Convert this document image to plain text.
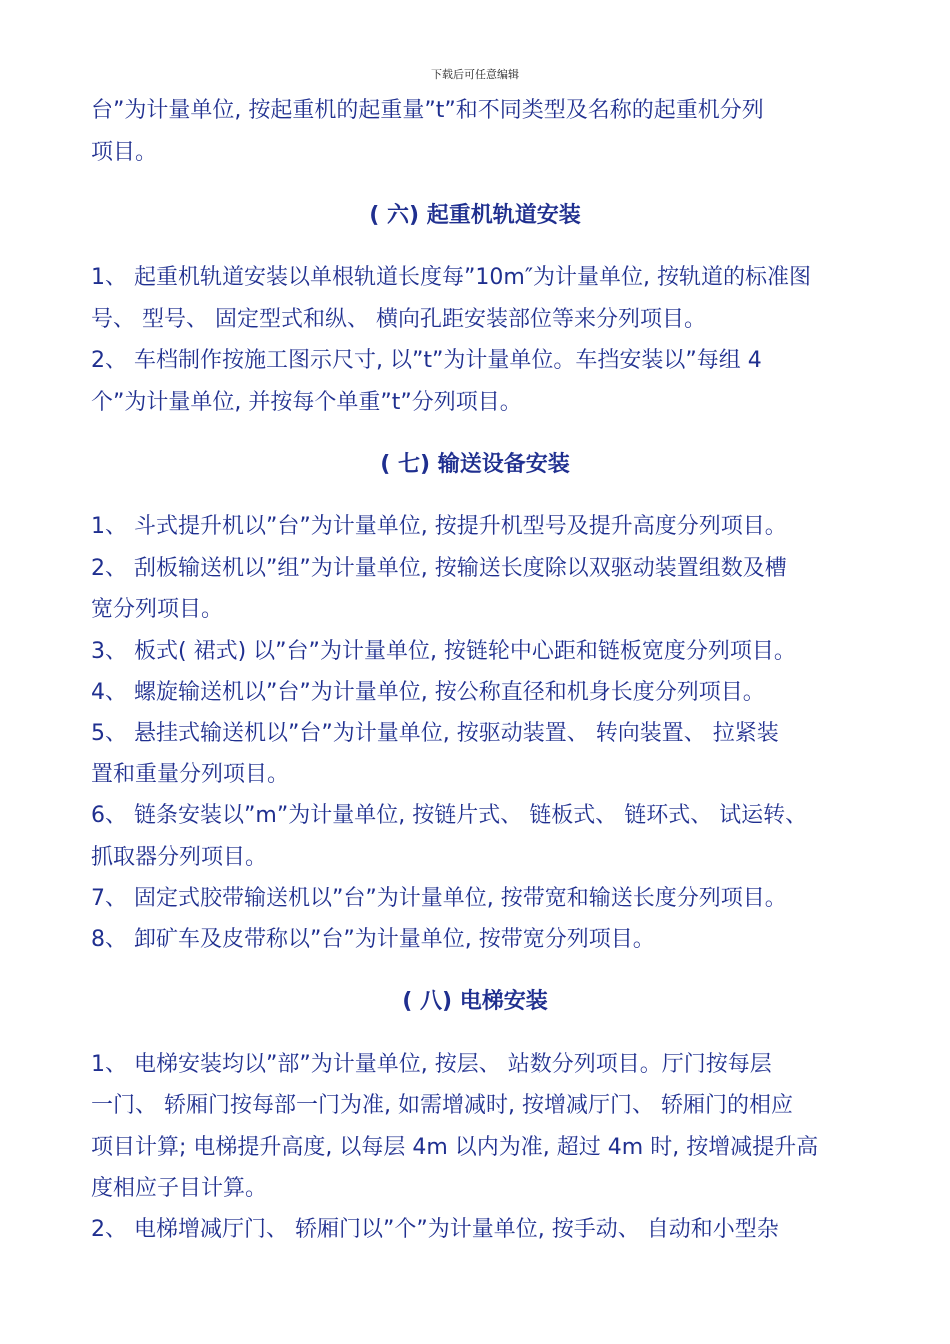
下载后可任意编辑
台”为计量单位, 按起重机的起重量”t”和不同类型及名称的起重机分列
项目。
( 六) 起重机轨道安装
1、 起重机轨道安装以单根轨道长度每”10m″为计量单位, 按轨道的标准图
号、 型号、 固定型式和纵、 横向孔距安装部位等来分列项目。
2、 车档制作按施工图示尺寸, 以”t”为计量单位。车挡安装以”每组 4
个”为计量单位, 并按每个单重”t”分列项目。
( 七) 输送设备安装
1、 斗式提升机以”台”为计量单位, 按提升机型号及提升高度分列项目。
2、 刮板输送机以”组”为计量单位, 按输送长度除以双驱动装置组数及槽
宽分列项目。
3、 板式( 裙式) 以”台”为计量单位, 按链轮中心距和链板宽度分列项目。
4、 螺旋输送机以”台”为计量单位, 按公称直径和机身长度分列项目。
5、 悬挂式输送机以”台”为计量单位, 按驱动装置、 转向装置、 拉紧装
置和重量分列项目。
6、 链条安装以”m”为计量单位, 按链片式、 链板式、 链环式、 试运转、
抓取器分列项目。
7、 固定式胶带输送机以”台”为计量单位, 按带宽和输送长度分列项目。
8、 卸矿车及皮带称以”台”为计量单位, 按带宽分列项目。
( 八) 电梯安装
1、 电梯安装均以”部”为计量单位, 按层、 站数分列项目。厅门按每层
一门、 轿厢门按每部一门为准, 如需增减时, 按增减厅门、 轿厢门的相应
项目计算; 电梯提升高度, 以每层 4m 以内为准, 超过 4m 时, 按增减提升高
度相应子目计算。
2、 电梯增减厅门、 轿厢门以”个”为计量单位, 按手动、 自动和小型杂
